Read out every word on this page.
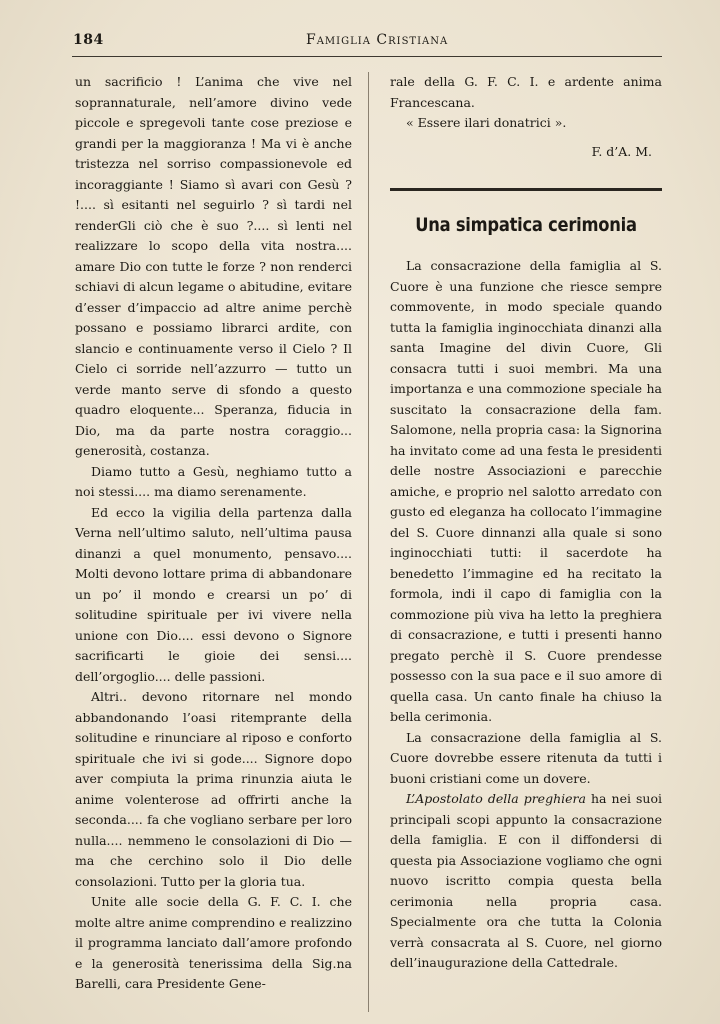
184	Famiglia Cristiana

un sacrificio ! L’anima che vive nel soprannaturale, nell’amore divino vede piccole e spregevoli tante cose preziose e grandi per la maggioranza ! Ma vi è anche tristezza nel sorriso compassionevole ed incoraggiante ! Siamo sì avari con Gesù ? !.... sì esitanti nel seguirlo ? sì tardi nel renderGli ciò che è suo ?.... sì lenti nel realizzare lo scopo della vita nostra.... amare Dio con tutte le forze ? non renderci schiavi di alcun legame o abitudine, evitare d’esser d’impaccio ad altre anime perchè possano e possiamo librarci ardite, con slancio e continuamente verso il Cielo ? Il Cielo ci sorride nell’azzurro — tutto un verde manto serve di sfondo a questo quadro eloquente... Speranza, fiducia in Dio, ma da parte nostra coraggio... generosità, costanza.

Diamo tutto a Gesù, neghiamo tutto a noi stessi.... ma diamo serenamente.

Ed ecco la vigilia della partenza dalla Verna nell’ultimo saluto, nell’ultima pausa dinanzi a quel monumento, pensavo.... Molti devono lottare prima di abbandonare un po’ il mondo e crearsi un po’ di solitudine spirituale per ivi vivere nella unione con Dio.... essi devono o Signore sacrificarti le gioie dei sensi.... dell’orgoglio.... delle passioni.

Altri.. devono ritornare nel mondo abbandonando l’oasi ritemprante della solitudine e rinunciare al riposo e conforto spirituale che ivi si gode.... Signore dopo aver compiuta la prima rinunzia aiuta le anime volenterose ad offrirti anche la seconda.... fa che vogliano serbare per loro nulla.... nemmeno le consolazioni di Dio — ma che cerchino solo il Dio delle consolazioni. Tutto per la gloria tua.

Unite alle socie della G. F. C. I. che molte altre anime comprendino e realizzino il programma lanciato dall’amore profondo e la generosità tenerissima della Sig.na Barelli, cara Presidente Gene-

rale della G. F. C. I. e ardente anima Francescana.

« Essere ilari donatrici ».

F. d’A. M.

Una simpatica cerimonia

La consacrazione della famiglia al S. Cuore è una funzione che riesce sempre commovente, in modo speciale quando tutta la famiglia inginocchiata dinanzi alla santa Imagine del divin Cuore, Gli consacra tutti i suoi membri. Ma una importanza e una commozione speciale ha suscitato la consacrazione della fam. Salomone, nella propria casa: la Signorina ha invitato come ad una festa le presidenti delle nostre Associazioni e parecchie amiche, e proprio nel salotto arredato con gusto ed eleganza ha collocato l’immagine del S. Cuore dinnanzi alla quale si sono inginocchiati tutti: il sacerdote ha benedetto l’immagine ed ha recitato la formola, indi il capo di famiglia con la commozione più viva ha letto la preghiera di consacrazione, e tutti i presenti hanno pregato perchè il S. Cuore prendesse possesso con la sua pace e il suo amore di quella casa. Un canto finale ha chiuso la bella cerimonia.

La consacrazione della famiglia al S. Cuore dovrebbe essere ritenuta da tutti i buoni cristiani come un dovere.

L’Apostolato della preghiera ha nei suoi principali scopi appunto la consacrazione della famiglia. E con il diffondersi di questa pia Associazione vogliamo che ogni nuovo iscritto compia questa bella cerimonia nella propria casa. Specialmente ora che tutta la Colonia verrà consacrata al S. Cuore, nel giorno dell’inaugurazione della Cattedrale.
